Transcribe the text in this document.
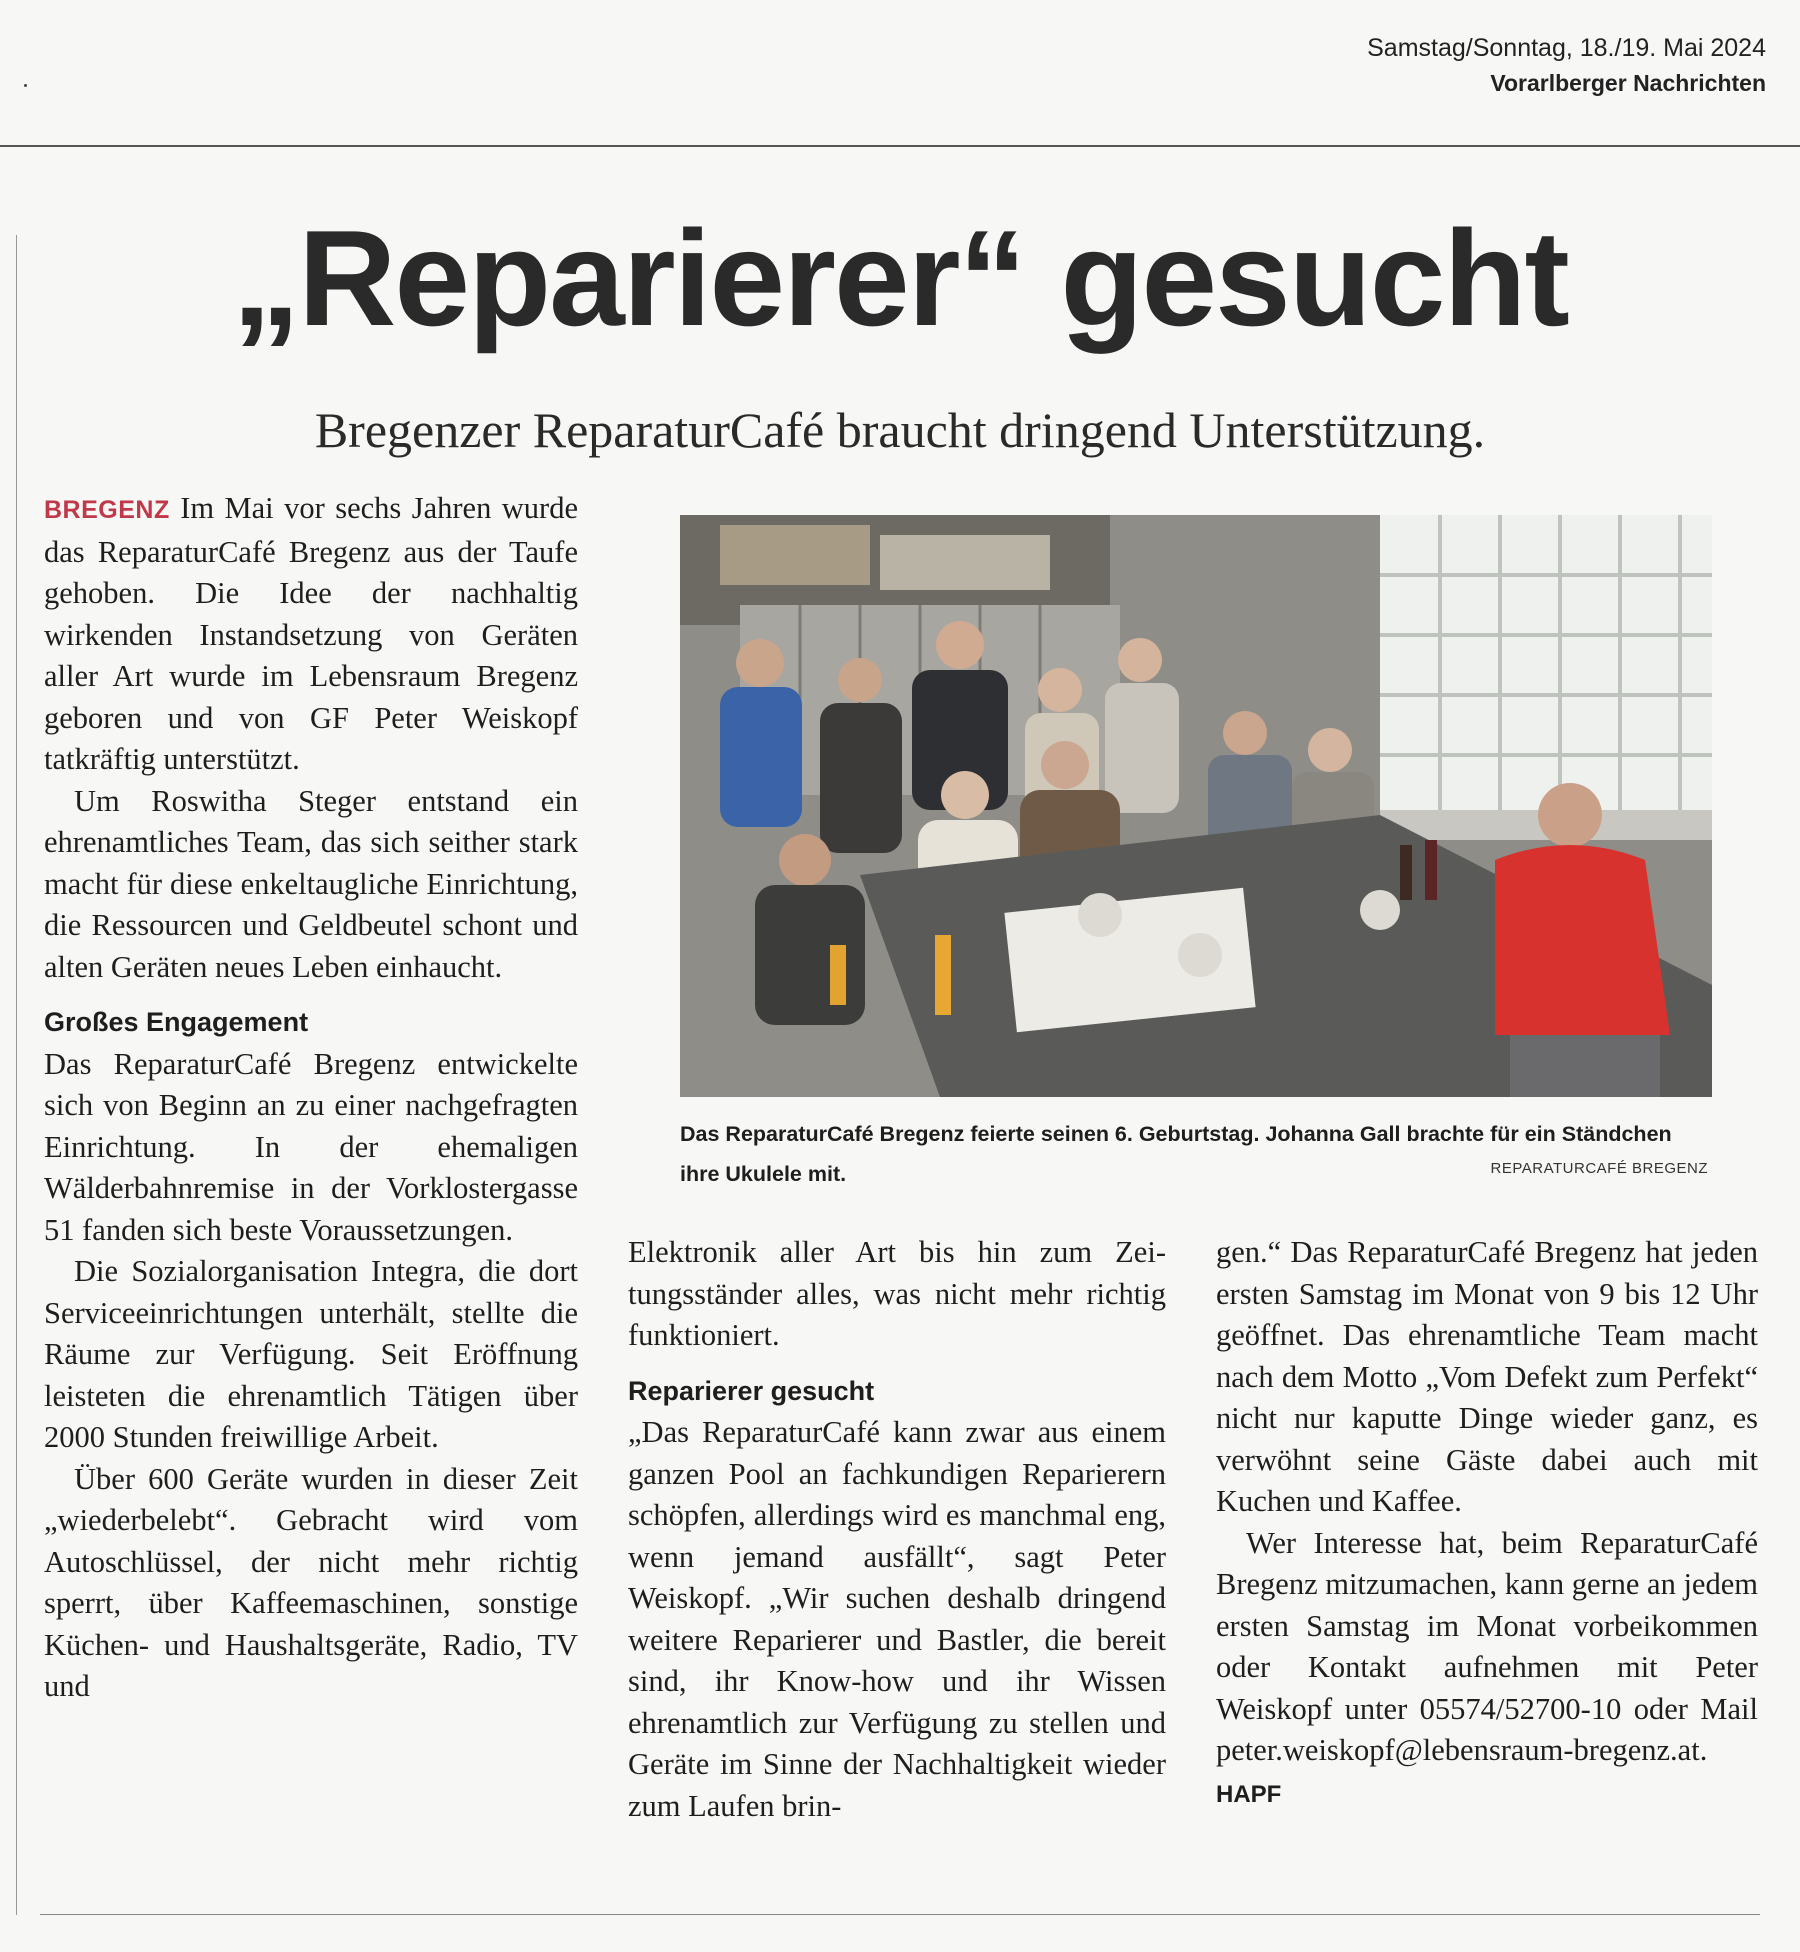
Samstag/Sonntag, 18./19. Mai 2024
Vorarlberger Nachrichten
„Reparierer“ gesucht
Bregenzer ReparaturCafé braucht dringend Unterstützung.

BREGENZ Im Mai vor sechs Jahren wurde das ReparaturCafé Bregenz aus der Taufe gehoben. Die Idee der nachhaltig wirkenden Instandsetzung von Geräten aller Art wurde im Lebensraum Bregenz geboren und von GF Peter Weiskopf tatkräftig unterstützt.

Um Roswitha Steger entstand ein ehrenamtliches Team, das sich seither stark macht für diese enkeltaugliche Einrichtung, die Ressourcen und Geldbeutel schont und alten Geräten neues Leben einhaucht.

Großes Engagement

Das ReparaturCafé Bregenz entwickelte sich von Beginn an zu einer nachgefragten Einrichtung. In der ehemaligen Wälderbahnremise in der Vorklostergasse 51 fanden sich beste Voraussetzungen.

Die Sozialorganisation Integra, die dort Serviceeinrichtungen unterhält, stellte die Räume zur Verfügung. Seit Eröffnung leisteten die ehrenamtlich Tätigen über 2000 Stunden freiwillige Arbeit.

Über 600 Geräte wurden in dieser Zeit „wiederbelebt“. Gebracht wird vom Autoschlüssel, der nicht mehr richtig sperrt, über Kaffeemaschinen, sonstige Küchen- und Haushaltsgeräte, Radio, TV und

Das ReparaturCafé Bregenz feierte seinen 6. Geburtstag. Johanna Gall brachte für ein Ständchen ihre Ukulele mit.	REPARATURCAFÉ BREGENZ

Elektronik aller Art bis hin zum Zeitungsständer alles, was nicht mehr richtig funktioniert.

Reparierer gesucht

„Das ReparaturCafé kann zwar aus einem ganzen Pool an fachkundigen Reparierern schöpfen, allerdings wird es manchmal eng, wenn jemand ausfällt“, sagt Peter Weiskopf. „Wir suchen deshalb dringend weitere Reparierer und Bastler, die bereit sind, ihr Know-how und ihr Wissen ehrenamtlich zur Verfügung zu stellen und Geräte im Sinne der Nachhaltigkeit wieder zum Laufen brin-

gen.“ Das ReparaturCafé Bregenz hat jeden ersten Samstag im Monat von 9 bis 12 Uhr geöffnet. Das ehrenamtliche Team macht nach dem Motto „Vom Defekt zum Perfekt“ nicht nur kaputte Dinge wieder ganz, es verwöhnt seine Gäste dabei auch mit Kuchen und Kaffee.

Wer Interesse hat, beim ReparaturCafé Bregenz mitzumachen, kann gerne an jedem ersten Samstag im Monat vorbeikommen oder Kontakt aufnehmen mit Peter Weiskopf unter 05574/52700-10 oder Mail peter.weiskopf@lebensraum-bregenz.at.

HAPF
